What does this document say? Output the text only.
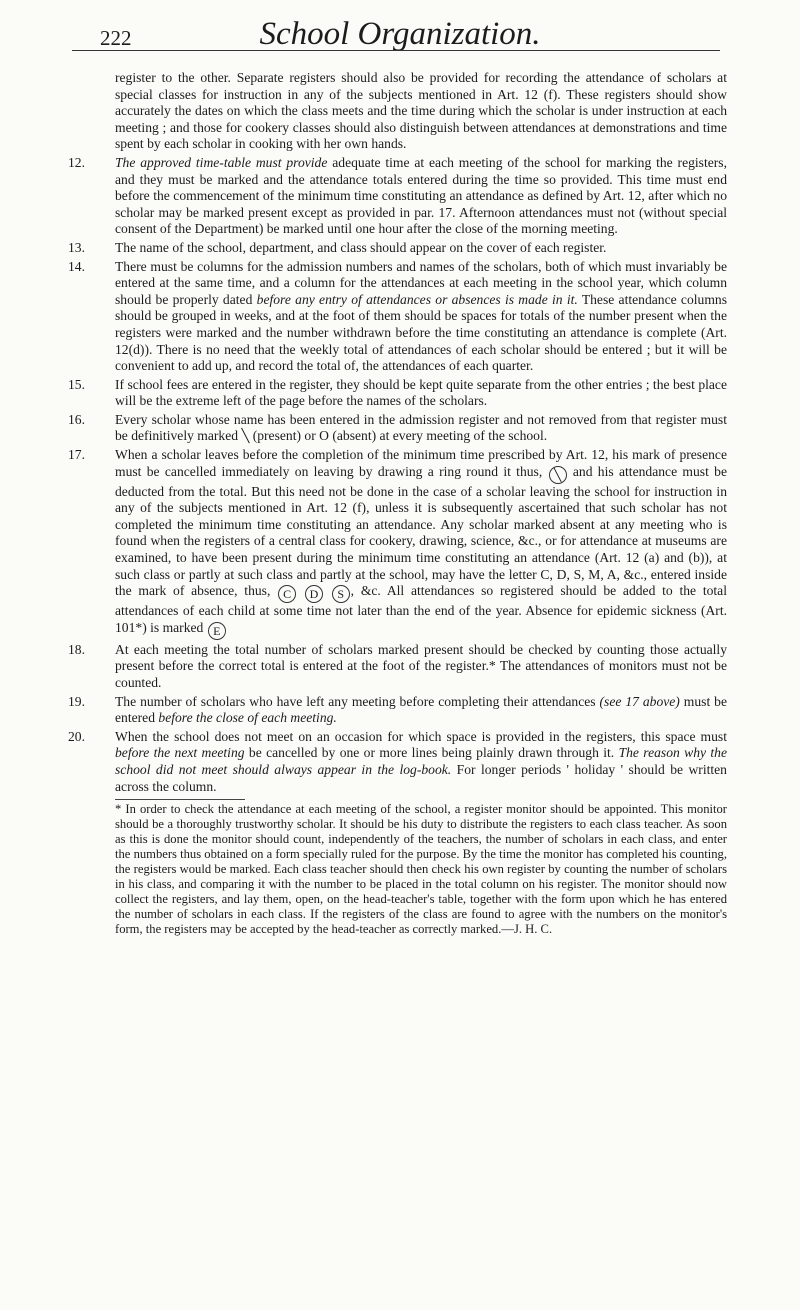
222	School Organization.

register to the other. Separate registers should also be provided for recording the attendance of scholars at special classes for instruction in any of the subjects mentioned in Art. 12 (f). These registers should show accurately the dates on which the class meets and the time during which the scholar is under instruction at each meeting ; and those for cookery classes should also distinguish between attendances at demonstrations and time spent by each scholar in cooking with her own hands.

12. The approved time-table must provide adequate time at each meeting of the school for marking the registers, and they must be marked and the attendance totals entered during the time so provided. This time must end before the commencement of the minimum time constituting an attendance as defined by Art. 12, after which no scholar may be marked present except as provided in par. 17. Afternoon attendances must not (without special consent of the Department) be marked until one hour after the close of the morning meeting.

13. The name of the school, department, and class should appear on the cover of each register.

14. There must be columns for the admission numbers and names of the scholars, both of which must invariably be entered at the same time, and a column for the attendances at each meeting in the school year, which column should be properly dated before any entry of attendances or absences is made in it. These attendance columns should be grouped in weeks, and at the foot of them should be spaces for totals of the number present when the registers were marked and the number withdrawn before the time constituting an attendance is complete (Art. 12(d)). There is no need that the weekly total of attendances of each scholar should be entered ; but it will be convenient to add up, and record the total of, the attendances of each quarter.

15. If school fees are entered in the register, they should be kept quite separate from the other entries ; the best place will be the extreme left of the page before the names of the scholars.

16. Every scholar whose name has been entered in the admission register and not removed from that register must be definitively marked ╲ (present) or O (absent) at every meeting of the school.

17. When a scholar leaves before the completion of the minimum time prescribed by Art. 12, his mark of presence must be cancelled immediately on leaving by drawing a ring round it thus, ╲ and his attendance must be deducted from the total. But this need not be done in the case of a scholar leaving the school for instruction in any of the subjects mentioned in Art. 12 (f), unless it is subsequently ascertained that such scholar has not completed the minimum time constituting an attendance. Any scholar marked absent at any meeting who is found when the registers of a central class for cookery, drawing, science, &c., or for attendance at museums are examined, to have been present during the minimum time constituting an attendance (Art. 12 (a) and (b)), at such class or partly at such class and partly at the school, may have the letter C, D, S, M, A, &c., entered inside the mark of absence, thus, C D S , &c. All attendances so registered should be added to the total attendances of each child at some time not later than the end of the year. Absence for epidemic sickness (Art. 101*) is marked E

18. At each meeting the total number of scholars marked present should be checked by counting those actually present before the correct total is entered at the foot of the register.* The attendances of monitors must not be counted.

19. The number of scholars who have left any meeting before completing their attendances (see 17 above) must be entered before the close of each meeting.

20. When the school does not meet on an occasion for which space is provided in the registers, this space must before the next meeting be cancelled by one or more lines being plainly drawn through it. The reason why the school did not meet should always appear in the log-book. For longer periods ' holiday ' should be written across the column.

* In order to check the attendance at each meeting of the school, a register monitor should be appointed. This monitor should be a thoroughly trustworthy scholar. It should be his duty to distribute the registers to each class teacher. As soon as this is done the monitor should count, independently of the teachers, the number of scholars in each class, and enter the numbers thus obtained on a form specially ruled for the purpose. By the time the monitor has completed his counting, the registers would be marked. Each class teacher should then check his own register by counting the number of scholars in his class, and comparing it with the number to be placed in the total column on his register. The monitor should now collect the registers, and lay them, open, on the head-teacher's table, together with the form upon which he has entered the number of scholars in each class. If the registers of the class are found to agree with the numbers on the monitor's form, the registers may be accepted by the head-teacher as correctly marked.—J. H. C.
